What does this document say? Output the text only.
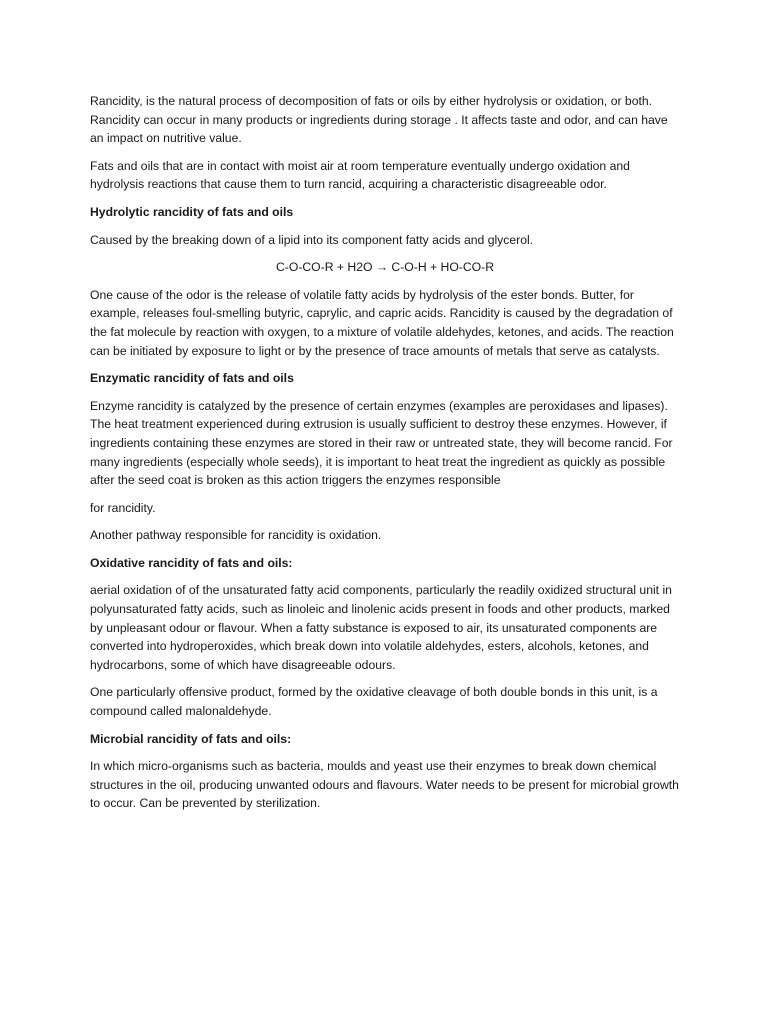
Rancidity, is the natural process of decomposition of fats or oils by either hydrolysis or oxidation, or both. Rancidity can occur in many products or ingredients during storage . It affects taste and odor, and can have an impact on nutritive value.

Fats and oils that are in contact with moist air at room temperature eventually undergo oxidation and hydrolysis reactions that cause them to turn rancid, acquiring a characteristic disagreeable odor.

Hydrolytic rancidity of fats and oils

Caused by the breaking down of a lipid into its component fatty acids and glycerol.

C-O-CO-R + H2O → C-O-H + HO-CO-R

One cause of the odor is the release of volatile fatty acids by hydrolysis of the ester bonds. Butter, for example, releases foul-smelling butyric, caprylic, and capric acids. Rancidity is caused by the degradation of the fat molecule by reaction with oxygen, to a mixture of volatile aldehydes, ketones, and acids. The reaction can be initiated by exposure to light or by the presence of trace amounts of metals that serve as catalysts.

Enzymatic rancidity of fats and oils

Enzyme rancidity is catalyzed by the presence of certain enzymes (examples are peroxidases and lipases). The heat treatment experienced during extrusion is usually sufficient to destroy these enzymes. However, if ingredients containing these enzymes are stored in their raw or untreated state, they will become rancid. For many ingredients (especially whole seeds), it is important to heat treat the ingredient as quickly as possible after the seed coat is broken as this action triggers the enzymes responsible

for rancidity.

Another pathway responsible for rancidity is oxidation.

Oxidative rancidity of fats and oils:

aerial oxidation of of the unsaturated fatty acid components, particularly the readily oxidized structural unit in polyunsaturated fatty acids, such as linoleic and linolenic acids present in foods and other products, marked by unpleasant odour or flavour. When a fatty substance is exposed to air, its unsaturated components are converted into hydroperoxides, which break down into volatile aldehydes, esters, alcohols, ketones, and hydrocarbons, some of which have disagreeable odours.

One particularly offensive product, formed by the oxidative cleavage of both double bonds in this unit, is a compound called malonaldehyde.

Microbial rancidity of fats and oils:

In which micro-organisms such as bacteria, moulds and yeast use their enzymes to break down chemical structures in the oil, producing unwanted odours and flavours. Water needs to be present for microbial growth to occur. Can be prevented by sterilization.
